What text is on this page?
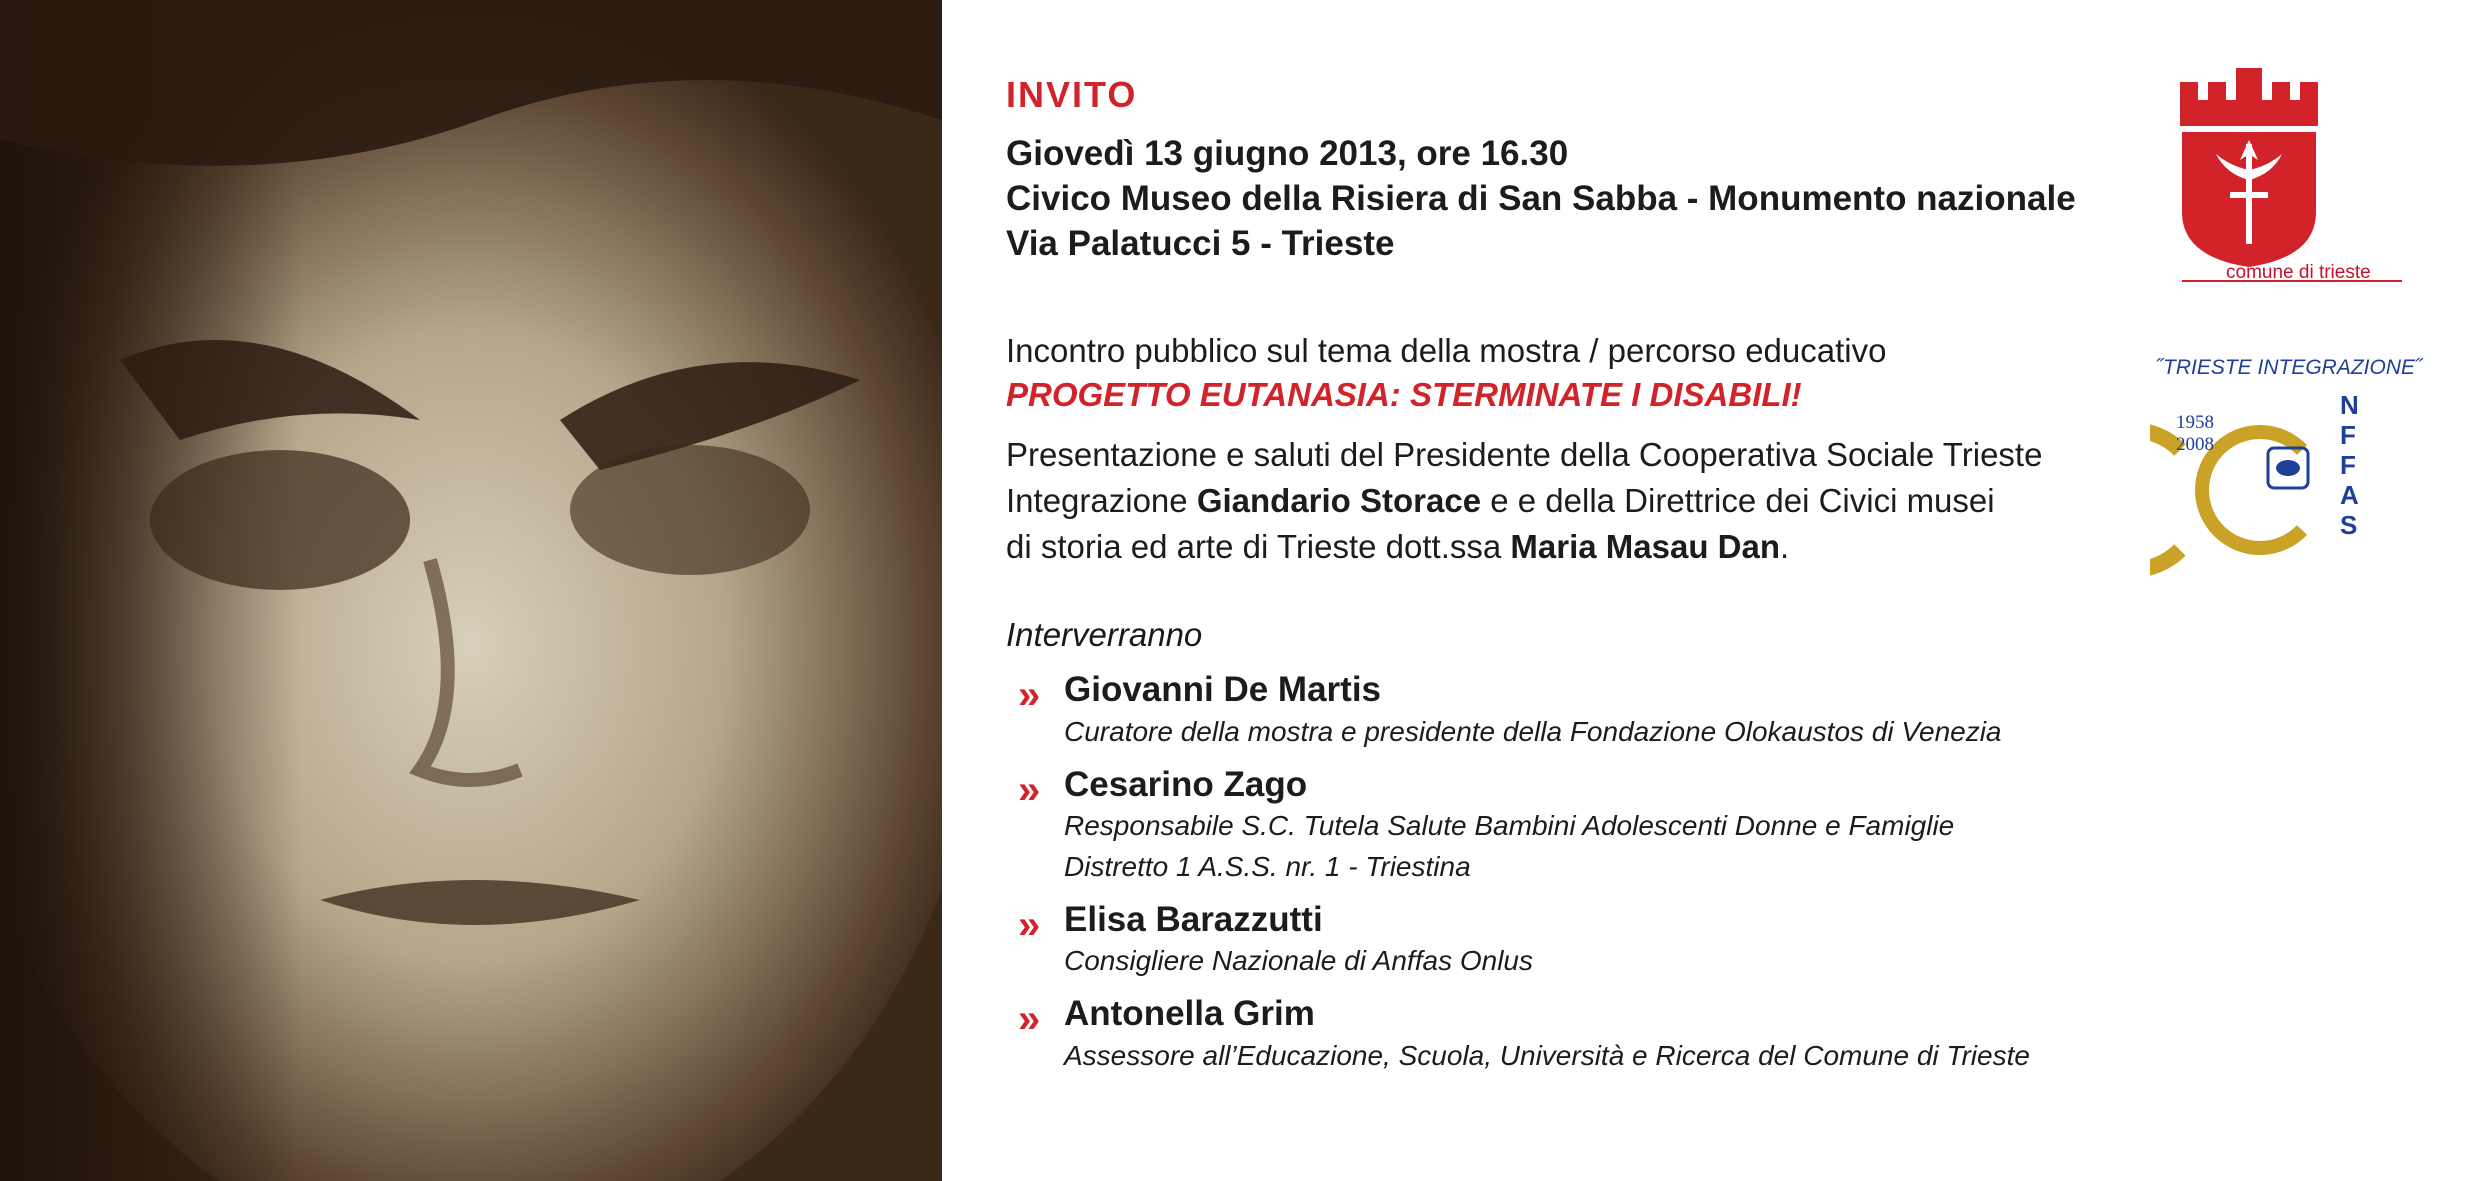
INVITO
Giovedì 13 giugno 2013, ore 16.30
Civico Museo della Risiera di San Sabba - Monumento nazionale
Via Palatucci 5 - Trieste
Incontro pubblico sul tema della mostra / percorso educativo
PROGETTO EUTANASIA: STERMINATE I DISABILI!
Presentazione e saluti del Presidente della Cooperativa Sociale Trieste
Integrazione Giandario Storace e e della Direttrice dei Civici musei
di storia ed arte di Trieste dott.ssa Maria Masau Dan.
Interverranno
» Giovanni De Martis
Curatore della mostra e presidente della Fondazione Olokaustos di Venezia
» Cesarino Zago
Responsabile S.C. Tutela Salute Bambini Adolescenti Donne e Famiglie
Distretto 1 A.S.S. nr. 1 - Triestina
» Elisa Barazzutti
Consigliere Nazionale di Anffas Onlus
» Antonella Grim
Assessore all’Educazione, Scuola, Università e Ricerca del Comune di Trieste
comune di trieste
˝TRIESTE INTEGRAZIONE˝
1958
2008
N
F
F
A
S
